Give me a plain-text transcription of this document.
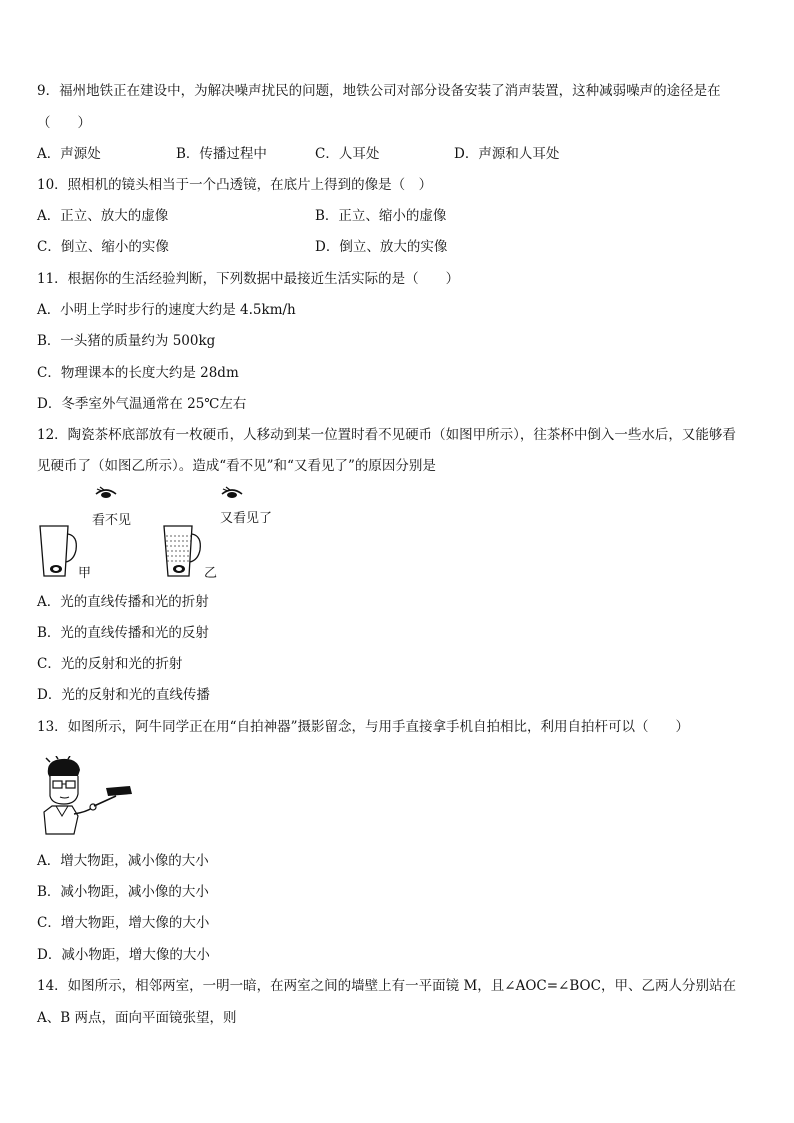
9．福州地铁正在建设中，为解决噪声扰民的问题，地铁公司对部分设备安装了消声装置，这种减弱噪声的途径是在
（　　）
A．声源处	B．传播过程中	C．人耳处	D．声源和人耳处
10．照相机的镜头相当于一个凸透镜，在底片上得到的像是（　）
A．正立、放大的虚像	B．正立、缩小的虚像
C．倒立、缩小的实像	D．倒立、放大的实像
11．根据你的生活经验判断，下列数据中最接近生活实际的是（　　）
A．小明上学时步行的速度大约是 4.5km/h
B．一头猪的质量约为 500kg
C．物理课本的长度大约是 28dm
D．冬季室外气温通常在 25℃左右
12．陶瓷茶杯底部放有一枚硬币，人移动到某一位置时看不见硬币（如图甲所示），往茶杯中倒入一些水后，又能够看
见硬币了（如图乙所示）。造成“看不见”和“又看见了”的原因分别是
看不见	又看见了
甲	乙
A．光的直线传播和光的折射
B．光的直线传播和光的反射
C．光的反射和光的折射
D．光的反射和光的直线传播
13．如图所示，阿牛同学正在用“自拍神器”摄影留念，与用手直接拿手机自拍相比，利用自拍杆可以（　　）
A．增大物距，减小像的大小
B．减小物距，减小像的大小
C．增大物距，增大像的大小
D．减小物距，增大像的大小
14．如图所示，相邻两室，一明一暗，在两室之间的墙壁上有一平面镜 M，且∠AOC=∠BOC，甲、乙两人分别站在
A、B 两点，面向平面镜张望，则
